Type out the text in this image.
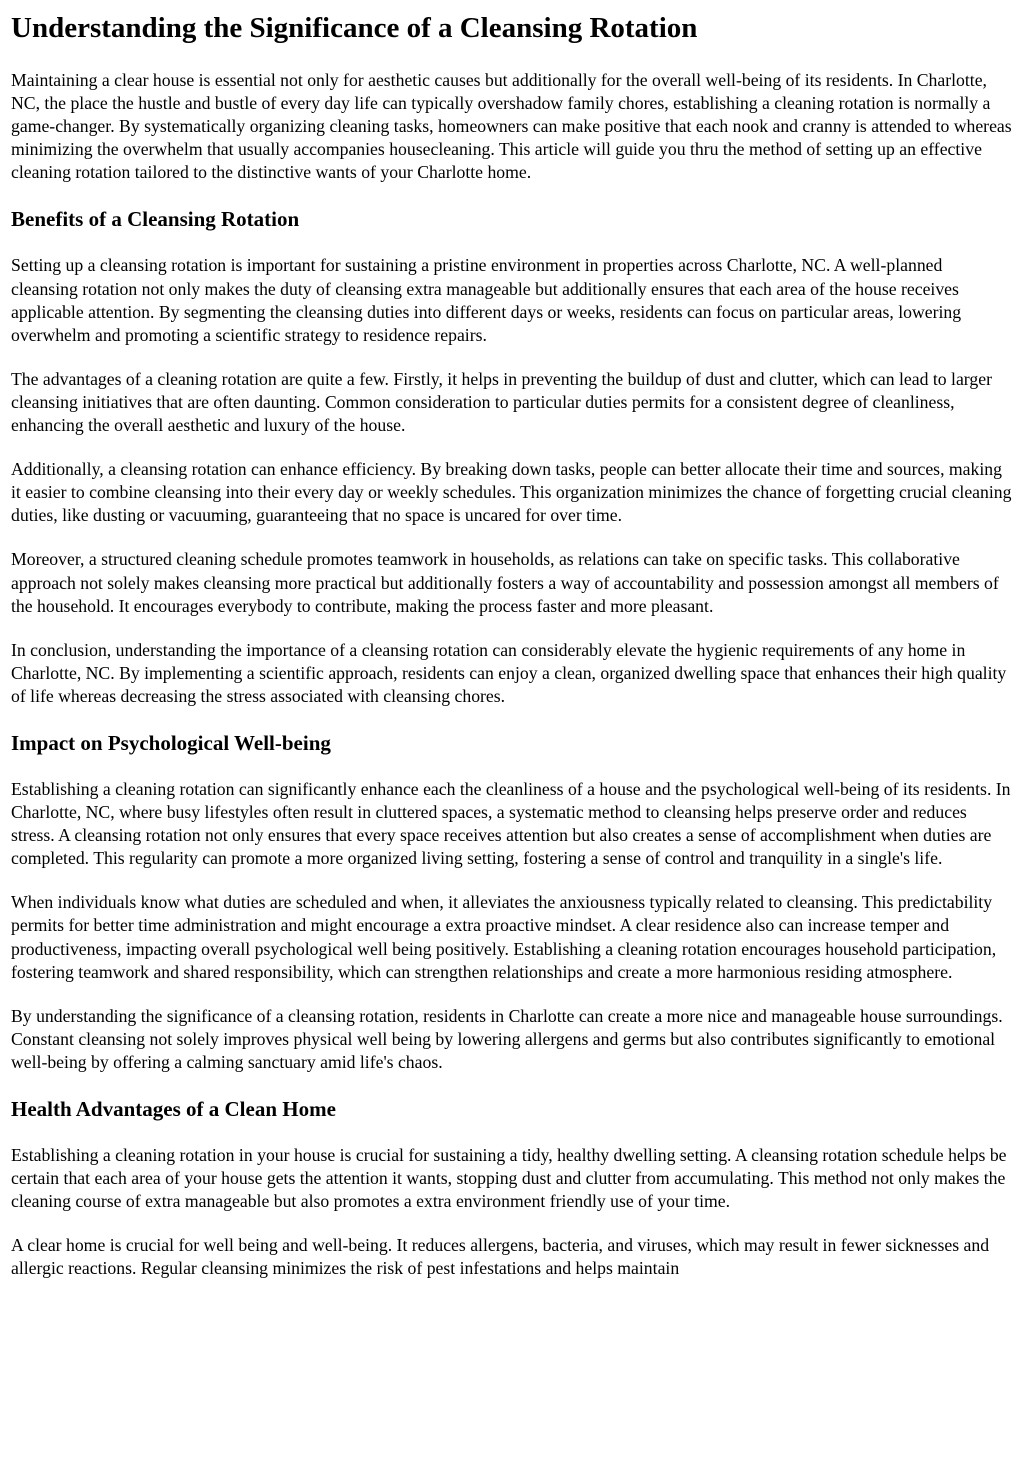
Understanding the Significance of a Cleansing Rotation

Maintaining a clear house is essential not only for aesthetic causes but additionally for the overall well-being of its residents. In Charlotte, NC, the place the hustle and bustle of every day life can typically overshadow family chores, establishing a cleaning rotation is normally a game-changer. By systematically organizing cleaning tasks, homeowners can make positive that each nook and cranny is attended to whereas minimizing the overwhelm that usually accompanies housecleaning. This article will guide you thru the method of setting up an effective cleaning rotation tailored to the distinctive wants of your Charlotte home.

Benefits of a Cleansing Rotation

Setting up a cleansing rotation is important for sustaining a pristine environment in properties across Charlotte, NC. A well-planned cleansing rotation not only makes the duty of cleansing extra manageable but additionally ensures that each area of the house receives applicable attention. By segmenting the cleansing duties into different days or weeks, residents can focus on particular areas, lowering overwhelm and promoting a scientific strategy to residence repairs.

The advantages of a cleaning rotation are quite a few. Firstly, it helps in preventing the buildup of dust and clutter, which can lead to larger cleansing initiatives that are often daunting. Common consideration to particular duties permits for a consistent degree of cleanliness, enhancing the overall aesthetic and luxury of the house.

Additionally, a cleansing rotation can enhance efficiency. By breaking down tasks, people can better allocate their time and sources, making it easier to combine cleansing into their every day or weekly schedules. This organization minimizes the chance of forgetting crucial cleaning duties, like dusting or vacuuming, guaranteeing that no space is uncared for over time.

Moreover, a structured cleaning schedule promotes teamwork in households, as relations can take on specific tasks. This collaborative approach not solely makes cleansing more practical but additionally fosters a way of accountability and possession amongst all members of the household. It encourages everybody to contribute, making the process faster and more pleasant.

In conclusion, understanding the importance of a cleansing rotation can considerably elevate the hygienic requirements of any home in Charlotte, NC. By implementing a scientific approach, residents can enjoy a clean, organized dwelling space that enhances their high quality of life whereas decreasing the stress associated with cleansing chores.

Impact on Psychological Well-being

Establishing a cleaning rotation can significantly enhance each the cleanliness of a house and the psychological well-being of its residents. In Charlotte, NC, where busy lifestyles often result in cluttered spaces, a systematic method to cleansing helps preserve order and reduces stress. A cleansing rotation not only ensures that every space receives attention but also creates a sense of accomplishment when duties are completed. This regularity can promote a more organized living setting, fostering a sense of control and tranquility in a single's life.

When individuals know what duties are scheduled and when, it alleviates the anxiousness typically related to cleansing. This predictability permits for better time administration and might encourage a extra proactive mindset. A clear residence also can increase temper and productiveness, impacting overall psychological well being positively. Establishing a cleaning rotation encourages household participation, fostering teamwork and shared responsibility, which can strengthen relationships and create a more harmonious residing atmosphere.

By understanding the significance of a cleansing rotation, residents in Charlotte can create a more nice and manageable house surroundings. Constant cleansing not solely improves physical well being by lowering allergens and germs but also contributes significantly to emotional well-being by offering a calming sanctuary amid life's chaos.

Health Advantages of a Clean Home

Establishing a cleaning rotation in your house is crucial for sustaining a tidy, healthy dwelling setting. A cleansing rotation schedule helps be certain that each area of your house gets the attention it wants, stopping dust and clutter from accumulating. This method not only makes the cleaning course of extra manageable but also promotes a extra environment friendly use of your time.

A clear home is crucial for well being and well-being. It reduces allergens, bacteria, and viruses, which may result in fewer sicknesses and allergic reactions. Regular cleansing minimizes the risk of pest infestations and helps maintain
